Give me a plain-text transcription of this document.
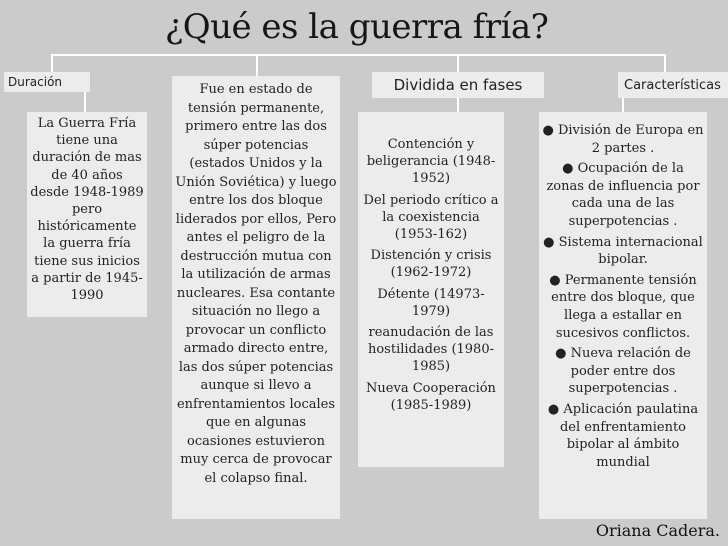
¿Qué es la guerra fría?
Duración

La Guerra Fría tiene una duración de mas de 40 años desde 1948-1989 pero históricamente la guerra fría tiene sus inicios a partir de 1945-1990

Fue en estado de tensión permanente, primero entre las dos súper potencias (estados Unidos y la Unión Soviética) y luego entre los dos bloque liderados por ellos, Pero antes el peligro de la destrucción mutua con la utilización de armas nucleares. Esa contante situación no llego a provocar un conflicto armado directo entre, las dos súper potencias aunque si llevo a enfrentamientos locales que en algunas ocasiones estuvieron muy cerca de provocar el colapso final.

Dividida en fases

Contención y beligerancia (1948-1952)

Del periodo crítico a la coexistencia (1953-162)

Distención y crisis (1962-1972)

Détente (14973-1979)

reanudación de las hostilidades (1980-1985)

Nueva Cooperación (1985-1989)

Características

● División de Europa en 2 partes .

● Ocupación de la zonas de influencia por cada una de las superpotencias .

● Sistema internacional bipolar.

● Permanente tensión entre dos bloque, que llega a estallar en sucesivos conflictos.

● Nueva relación de poder entre dos superpotencias .

● Aplicación paulatina del enfrentamiento bipolar al ámbito mundial

Oriana Cadera.
